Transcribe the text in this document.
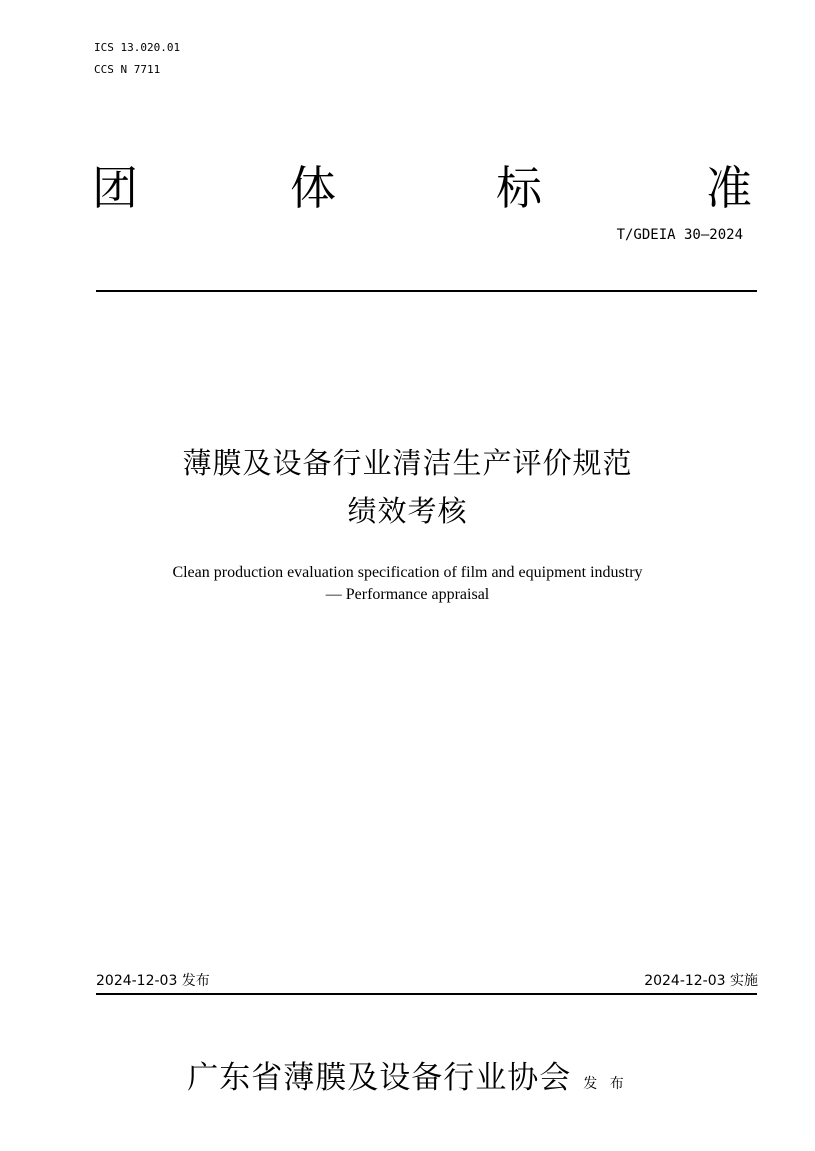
ICS 13.020.01
CCS N 7711
团	体	标	准
T/GDEIA 30—2024
薄膜及设备行业清洁生产评价规范
绩效考核
Clean production evaluation specification of film and equipment industry
— Performance appraisal
2024-12-03 发布	2024-12-03 实施
广东省薄膜及设备行业协会 发 布
